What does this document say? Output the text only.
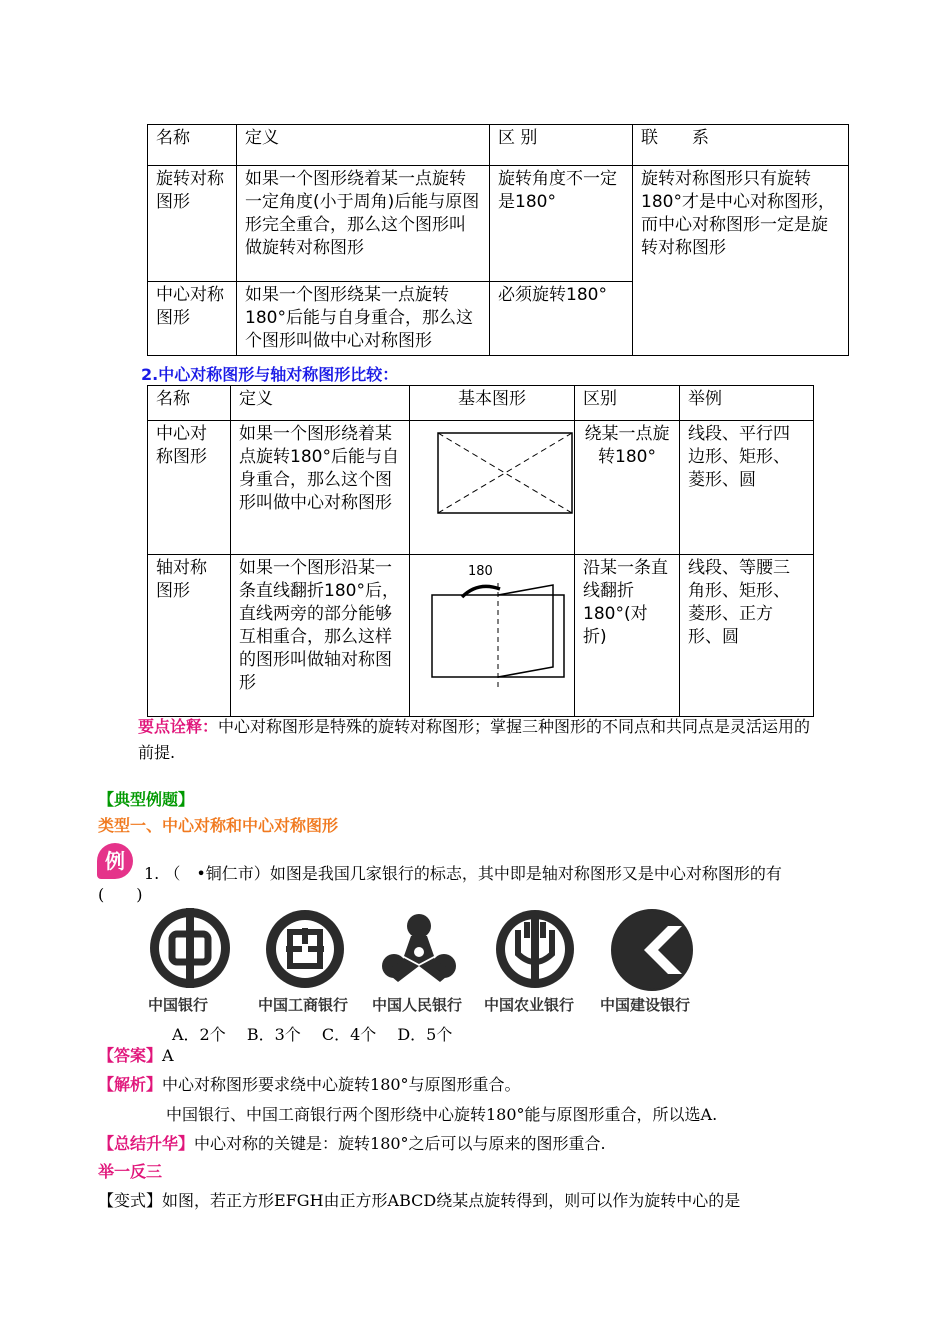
名称	定义	区 别	联　　系
旋转对称图形	如果一个图形绕着某一点旋转一定角度(小于周角)后能与原图形完全重合，那么这个图形叫做旋转对称图形	旋转角度不一定是180°	旋转对称图形只有旋转180°才是中心对称图形，而中心对称图形一定是旋转对称图形
中心对称图形	如果一个图形绕某一点旋转180°后能与自身重合，那么这个图形叫做中心对称图形	必须旋转180°	
2.中心对称图形与轴对称图形比较：
名称	定义	基本图形	区别	举例
中心对称图形	如果一个图形绕着某点旋转180°后能与自身重合，那么这个图形叫做中心对称图形		绕某一点旋转180°	线段、平行四边形、矩形、菱形、圆
轴对称图形	如果一个图形沿某一条直线翻折180°后，直线两旁的部分能够互相重合，那么这样的图形叫做轴对称图形	180	沿某一条直线翻折180°(对折)	线段、等腰三角形、矩形、菱形、正方形、圆
要点诠释：中心对称图形是特殊的旋转对称图形；掌握三种图形的不同点和共同点是灵活运用的前提.
【典型例题】
类型一、中心对称和中心对称图形
例
1. （　•铜仁市）如图是我国几家银行的标志，其中即是轴对称图形又是中心对称图形的有
(　　)
中国银行	中国工商银行 中国人民银行 中国农业银行 中国建设银行
A．2个　 B．3个　 C．4个　 D．5个
【答案】A
【解析】中心对称图形要求绕中心旋转180°与原图形重合。
中国银行、中国工商银行两个图形绕中心旋转180°能与原图形重合，所以选A.
【总结升华】中心对称的关键是：旋转180°之后可以与原来的图形重合.
举一反三
【变式】如图，若正方形EFGH由正方形ABCD绕某点旋转得到，则可以作为旋转中心的是
